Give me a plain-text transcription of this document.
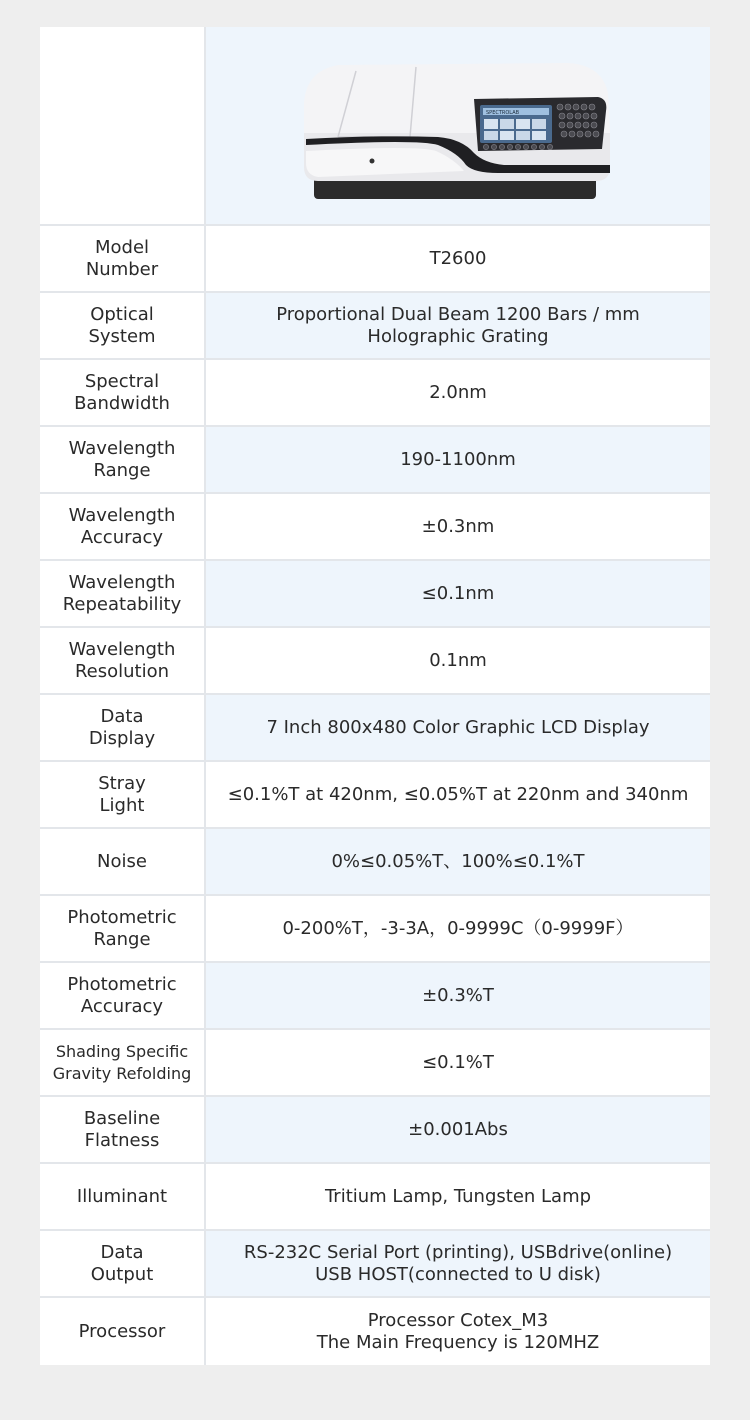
SPECTROLAB
Model
Number
T2600
Optical
System
Proportional Dual Beam 1200 Bars / mm
Holographic Grating
Spectral
Bandwidth
2.0nm
Wavelength
Range
190-1100nm
Wavelength
Accuracy
±0.3nm
Wavelength
Repeatability
≤0.1nm
Wavelength
Resolution
0.1nm
Data
Display
7 Inch 800x480 Color Graphic LCD Display
Stray
Light
≤0.1%T at 420nm, ≤0.05%T at 220nm and 340nm
Noise	0%≤0.05%T、100%≤0.1%T
Photometric
Range
0-200%T，-3-3A，0-9999C（0-9999F）
Photometric
Accuracy
±0.3%T
Shading Specific
Gravity Refolding
≤0.1%T
Baseline
Flatness
±0.001Abs
Illuminant	Tritium Lamp, Tungsten Lamp
Data
Output
RS-232C Serial Port (printing), USBdrive(online)
USB HOST(connected to U disk)
Processor
Processor Cotex_M3
The Main Frequency is 120MHZ
